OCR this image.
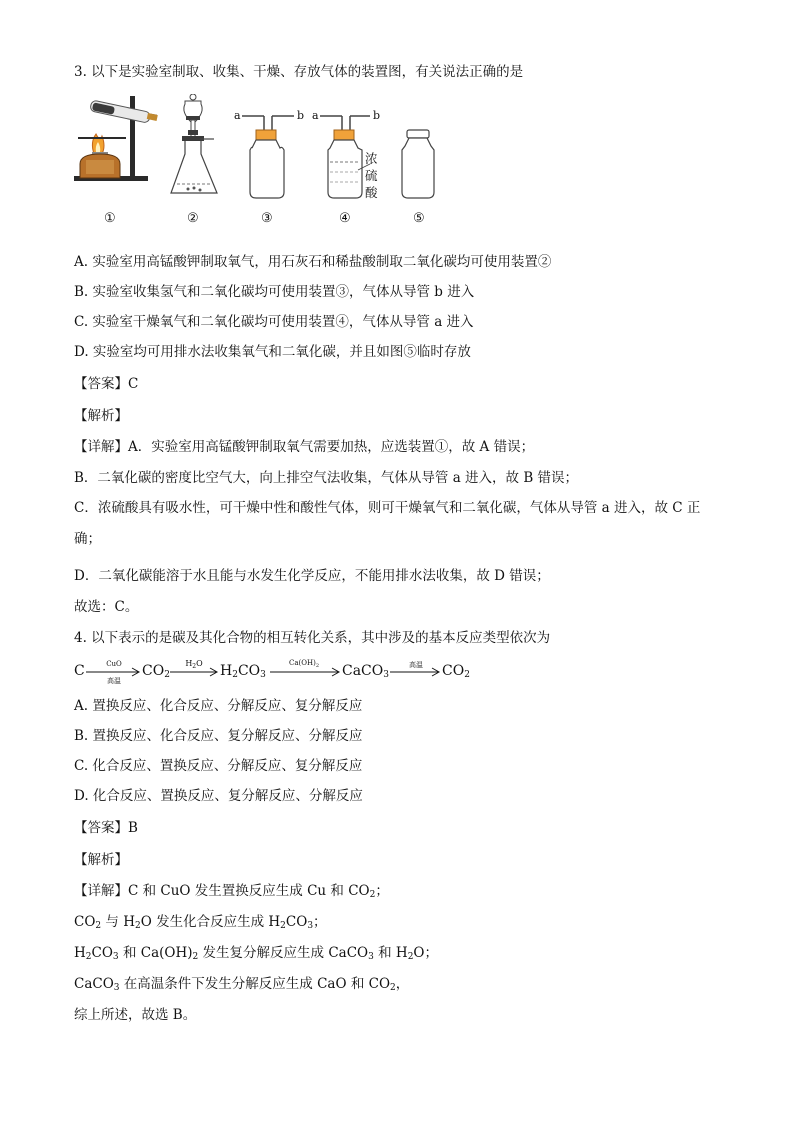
3. 以下是实验室制取、收集、干燥、存放气体的装置图，有关说法正确的是
a	b a	b
浓
硫
酸
①	②	③	④	⑤
A. 实验室用高锰酸钾制取氧气，用石灰石和稀盐酸制取二氧化碳均可使用装置②
B. 实验室收集氢气和二氧化碳均可使用装置③，气体从导管 b 进入
C. 实验室干燥氧气和二氧化碳均可使用装置④，气体从导管 a 进入
D. 实验室均可用排水法收集氧气和二氧化碳，并且如图⑤临时存放
【答案】C
【解析】
【详解】A．实验室用高锰酸钾制取氧气需要加热，应选装置①，故 A 错误；
B．二氧化碳的密度比空气大，向上排空气法收集，气体从导管 a 进入，故 B 错误；
C．浓硫酸具有吸水性，可干燥中性和酸性气体，则可干燥氧气和二氧化碳，气体从导管 a 进入，故 C 正确；
D．二氧化碳能溶于水且能与水发生化学反应，不能用排水法收集，故 D 错误；
故选：C。
4. 以下表示的是碳及其化合物的相互转化关系，其中涉及的基本反应类型依次为
C	CuO
高温
$CO_2$
$H_2O$	$H_2CO_3$
$Ca(OH)_2$	CaCO$_3$
高温	$CO_2$
A. 置换反应、化合反应、分解反应、复分解反应
B. 置换反应、化合反应、复分解反应、分解反应
C. 化合反应、置换反应、分解反应、复分解反应
D. 化合反应、置换反应、复分解反应、分解反应
【答案】B
【解析】
【详解】C 和 CuO 发生置换反应生成 Cu 和 $CO_2$；
$CO_2$ 与 $H_2O$ 发生化合反应生成 $H_2CO_3$；
$H_2CO_3$ 和 $Ca(OH)_2$ 发生复分解反应生成 CaCO$_3$ 和 $H_2O$；
CaCO$_3$ 在高温条件下发生分解反应生成 CaO 和 $CO_2$，
综上所述，故选 B。
